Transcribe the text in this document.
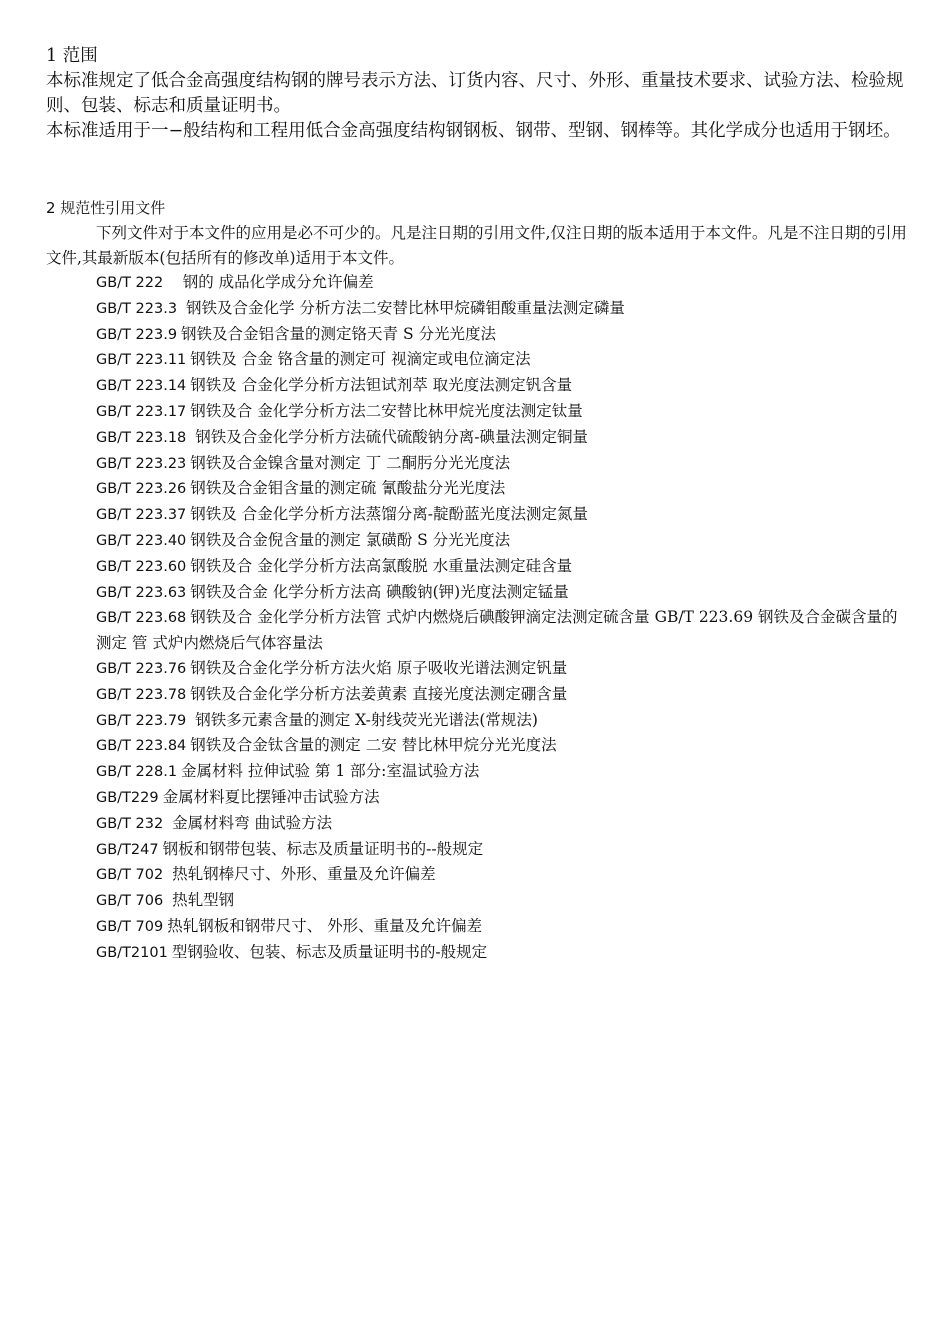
1 范围

本标准规定了低合金高强度结构钢的牌号表示方法、订货内容、尺寸、外形、重量技术要求、试验方法、检验规则、包装、标志和质量证明书。

本标准适用于一−般结构和工程用低合金高强度结构钢钢板、钢带、型钢、钢棒等。其化学成分也适用于钢坯。

2 规范性引用文件

下列文件对于本文件的应用是必不可少的。凡是注日期的引用文件,仅注日期的版本适用于本文件。凡是不注日期的引用文件,其最新版本(包括所有的修改单)适用于本文件。

GB/T 222　钢的 成品化学成分允许偏差
GB/T 223.3 钢铁及合金化学 分析方法二安替比林甲烷磷钼酸重量法测定磷量
GB/T 223.9 钢铁及合金铝含量的测定铬天青 S 分光光度法
GB/T 223.11 钢铁及 合金 铬含量的测定可 视滴定或电位滴定法
GB/T 223.14 钢铁及 合金化学分析方法钽试剂萃 取光度法测定钒含量
GB/T 223.17 钢铁及合 金化学分析方法二安替比林甲烷光度法测定钛量
GB/T 223.18 钢铁及合金化学分析方法硫代硫酸钠分离-碘量法测定铜量
GB/T 223.23 钢铁及合金镍含量对测定 丁 二酮肟分光光度法
GB/T 223.26 钢铁及合金钼含量的测定硫 氰酸盐分光光度法
GB/T 223.37 钢铁及 合金化学分析方法蒸馏分离-靛酚蓝光度法测定氮量
GB/T 223.40 钢铁及合金倪含量的测定 氯磺酚 S 分光光度法
GB/T 223.60 钢铁及合 金化学分析方法高氯酸脱 水重量法测定硅含量
GB/T 223.63 钢铁及合金 化学分析方法高 碘酸钠(钾)光度法测定锰量
GB/T 223.68 钢铁及合 金化学分析方法管 式炉内燃烧后碘酸钾滴定法测定硫含量 GB/T 223.69 钢铁及合金碳含量的测定 管 式炉内燃烧后气体容量法
GB/T 223.76 钢铁及合金化学分析方法火焰 原子吸收光谱法测定钒量
GB/T 223.78 钢铁及合金化学分析方法姜黄素 直接光度法测定硼含量
GB/T 223.79 钢铁多元素含量的测定 X-射线荧光光谱法(常规法)
GB/T 223.84 钢铁及合金钛含量的测定 二安 替比林甲烷分光光度法
GB/T 228.1 金属材料 拉伸试验 第 1 部分:室温试验方法
GB/T229 金属材料夏比摆锤冲击试验方法
GB/T 232 金属材料弯 曲试验方法
GB/T247 钢板和钢带包装、标志及质量证明书的--般规定
GB/T 702 热轧钢棒尺寸、外形、重量及允许偏差
GB/T 706 热轧型钢
GB/T 709 热轧钢板和钢带尺寸、 外形、重量及允许偏差
GB/T2101 型钢验收、包装、标志及质量证明书的-般规定
